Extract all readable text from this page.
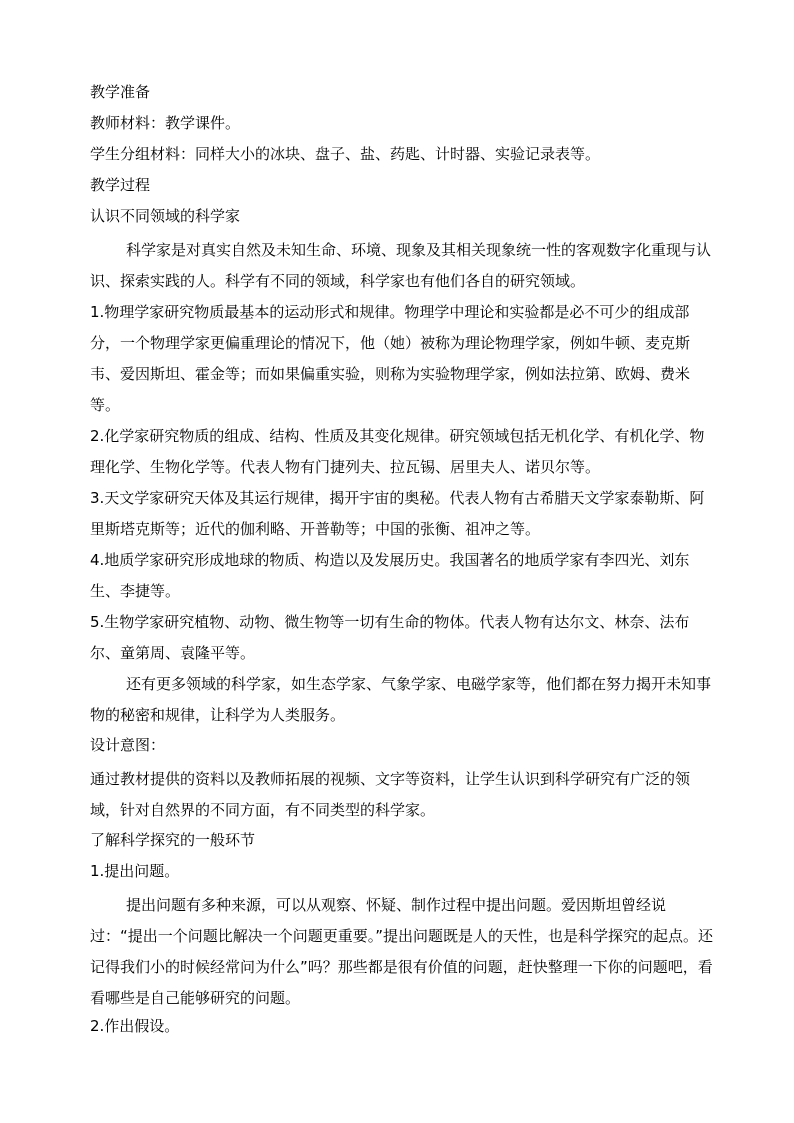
教学准备

教师材料：教学课件。

学生分组材料：同样大小的冰块、盘子、盐、药匙、计时器、实验记录表等。

教学过程

认识不同领域的科学家

科学家是对真实自然及未知生命、环境、现象及其相关现象统一性的客观数字化重现与认识、探索实践的人。科学有不同的领域，科学家也有他们各自的研究领域。

1.物理学家研究物质最基本的运动形式和规律。物理学中理论和实验都是必不可少的组成部分，一个物理学家更偏重理论的情况下，他（她）被称为理论物理学家，例如牛顿、麦克斯韦、爱因斯坦、霍金等；而如果偏重实验，则称为实验物理学家，例如法拉第、欧姆、费米等。

2.化学家研究物质的组成、结构、性质及其变化规律。研究领域包括无机化学、有机化学、物理化学、生物化学等。代表人物有门捷列夫、拉瓦锡、居里夫人、诺贝尔等。

3.天文学家研究天体及其运行规律，揭开宇宙的奥秘。代表人物有古希腊天文学家泰勒斯、阿里斯塔克斯等；近代的伽利略、开普勒等；中国的张衡、祖冲之等。

4.地质学家研究形成地球的物质、构造以及发展历史。我国著名的地质学家有李四光、刘东生、李捷等。

5.生物学家研究植物、动物、微生物等一切有生命的物体。代表人物有达尔文、林奈、法布尔、童第周、袁隆平等。

还有更多领域的科学家，如生态学家、气象学家、电磁学家等，他们都在努力揭开未知事物的秘密和规律，让科学为人类服务。

设计意图：

通过教材提供的资料以及教师拓展的视频、文字等资料，让学生认识到科学研究有广泛的领域，针对自然界的不同方面，有不同类型的科学家。

了解科学探究的一般环节

1.提出问题。

提出问题有多种来源，可以从观察、怀疑、制作过程中提出问题。爱因斯坦曾经说过：“提出一个问题比解决一个问题更重要。”提出问题既是人的天性，也是科学探究的起点。还记得我们小的时候经常问为什么”吗？那些都是很有价值的问题，赶快整理一下你的问题吧，看看哪些是自己能够研究的问题。

2.作出假设。
